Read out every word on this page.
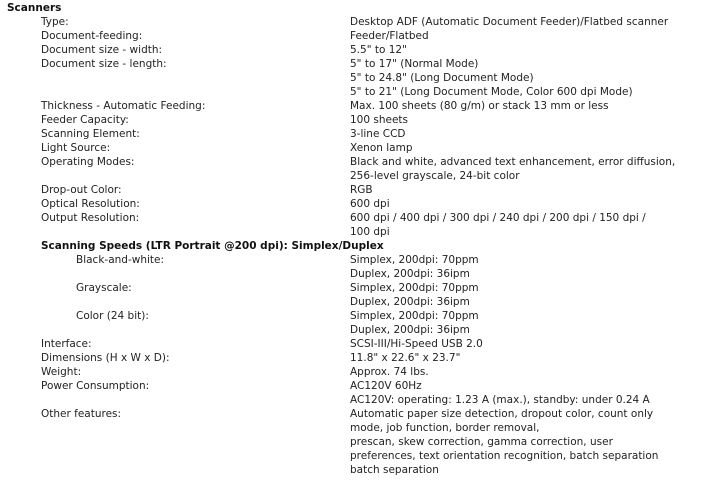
Scanners
Type:	Desktop ADF (Automatic Document Feeder)/Flatbed scanner
Document-feeding:	Feeder/Flatbed
Document size - width:	5.5" to 12"
Document size - length:	5" to 17" (Normal Mode)
5" to 24.8" (Long Document Mode)
5" to 21" (Long Document Mode, Color 600 dpi Mode)
Thickness - Automatic Feeding:	Max. 100 sheets (80 g/m) or stack 13 mm or less
Feeder Capacity:	100 sheets
Scanning Element:	3-line CCD
Light Source:	Xenon lamp
Operating Modes:	Black and white, advanced text enhancement, error diffusion,
256-level grayscale, 24-bit color
Drop-out Color:	RGB
Optical Resolution:	600 dpi
Output Resolution:	600 dpi / 400 dpi / 300 dpi / 240 dpi / 200 dpi / 150 dpi /
100 dpi
Scanning Speeds (LTR Portrait @200 dpi): Simplex/Duplex
Black-and-white:	Simplex, 200dpi: 70ppm
Duplex, 200dpi: 36ipm
Grayscale:	Simplex, 200dpi: 70ppm
Duplex, 200dpi: 36ipm
Color (24 bit):	Simplex, 200dpi: 70ppm
Duplex, 200dpi: 36ipm
Interface:	SCSI-III/Hi-Speed USB 2.0
Dimensions (H x W x D):	11.8" x 22.6" x 23.7"
Weight:	Approx. 74 lbs.
Power Consumption:	AC120V 60Hz
AC120V: operating: 1.23 A (max.), standby: under 0.24 A
Other features:	Automatic paper size detection, dropout color, count only
mode, job function, border removal,
prescan, skew correction, gamma correction, user
preferences, text orientation recognition, batch separation
batch separation
